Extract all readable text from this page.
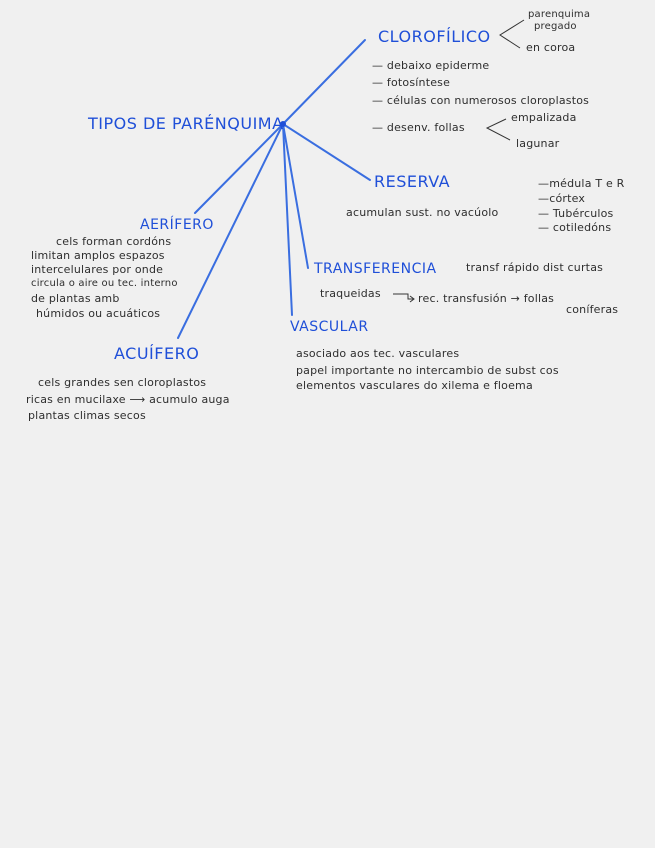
TIPOS DE PARÉNQUIMA
CLOROFÍLICO
parenquima
pregado
en coroa
— debaixo epiderme
— fotosíntese
— células con numerosos cloroplastos
— desenv. follas
empalizada
lagunar
RESERVA
acumulan sust. no vacúolo
—médula T e R
—córtex
— Tubérculos
— cotiledóns
AERÍFERO
cels forman cordóns
limitan amplos espazos
intercelulares por onde
circula o aire ou tec. interno
de plantas amb
húmidos ou acuáticos
ACUÍFERO
cels grandes sen cloroplastos
ricas en mucilaxe ⟶ acumulo auga
plantas climas secos
TRANSFERENCIA	transf rápido dist curtas
traqueidas	rec. transfusión → follas
coníferas
VASCULAR
asociado aos tec. vasculares
papel importante no intercambio de subst cos
elementos vasculares do xilema e floema
